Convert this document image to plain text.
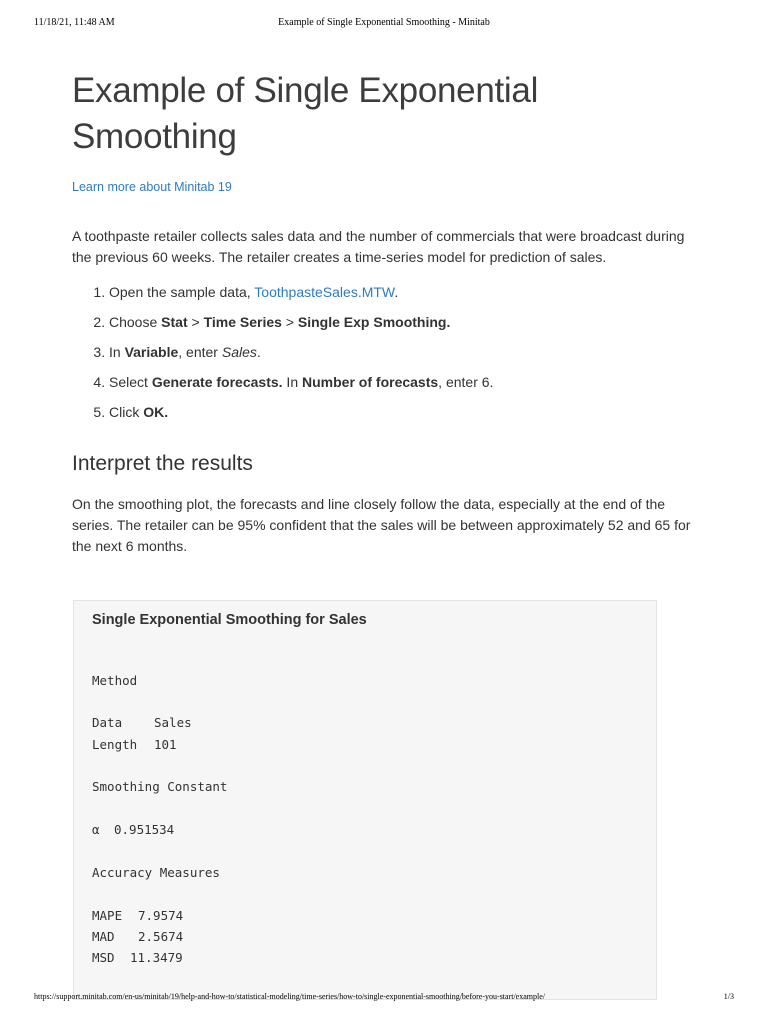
11/18/21, 11:48 AM	Example of Single Exponential Smoothing - Minitab
Example of Single Exponential Smoothing
Learn more about Minitab 19

A toothpaste retailer collects sales data and the number of commercials that were broadcast during the previous 60 weeks. The retailer creates a time-series model for prediction of sales.

1. Open the sample data, ToothpasteSales.MTW.
2. Choose Stat > Time Series > Single Exp Smoothing.
3. In Variable, enter Sales.
4. Select Generate forecasts. In Number of forecasts, enter 6.
5. Click OK.
Interpret the results

On the smoothing plot, the forecasts and line closely follow the data, especially at the end of the series. The retailer can be 95% confident that the sales will be between approximately 52 and 65 for the next 6 months.

Single Exponential Smoothing for Sales
Method
Data	Sales
Length 101
Smoothing Constant
α 0.951534
Accuracy Measures
MAPE 7.9574
MAD 2.5674
MSD 11.3479
https://support.minitab.com/en-us/minitab/19/help-and-how-to/statistical-modeling/time-series/how-to/single-exponential-smoothing/before-you-start/example/	1/3
